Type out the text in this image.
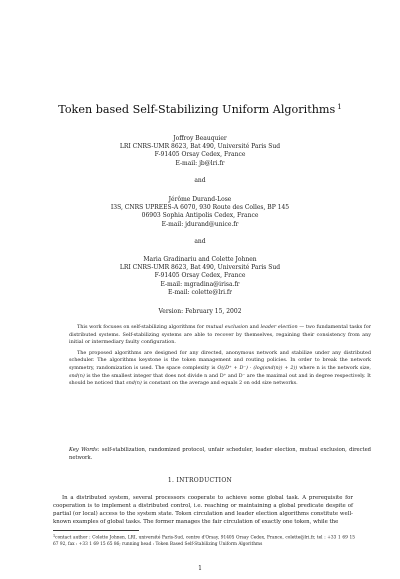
Token based Self-Stabilizing Uniform Algorithms $^1$
Joffroy Beauquier
LRI CNRS-UMR 8623, Bat 490, Université Paris Sud
F-91405 Orsay Cedex, France
E-mail: jb@lri.fr
and
Jérôme Durand-Lose
I3S, CNRS UPREES-A 6070, 930 Route des Colles, BP 145
06903 Sophia Antipolis Cedex, France
E-mail: jdurand@unice.fr
and
Maria Gradinariu and Colette Johnen
LRI CNRS-UMR 8623, Bat 490, Université Paris Sud
F-91405 Orsay Cedex, France
E-mail: mgradina@irisa.fr
E-mail: colette@lri.fr
Version: February 15, 2002

This work focuses on self-stabilizing algorithms for mutual exclusion and leader election — two fundamental tasks for distributed systems. Self-stabilizing systems are able to recover by themselves, regaining their consistency from any initial or intermediary faulty configuration.

The proposed algorithms are designed for any directed, anonymous network and stabilize under any distributed scheduler. The algorithms keystone is the token management and routing policies. In order to break the network symmetry, randomization is used. The space complexity is O((D⁺ + D⁻) · (log(snd(n)) + 2)) where n is the network size, snd(n) is the the smallest integer that does not divide n and D⁺ and D⁻ are the maximal out and in degree respectively. It should be noticed that snd(n) is constant on the average and equals 2 on odd size networks.

Key Words: self-stabilization, randomized protocol, unfair scheduler, leader election, mutual exclusion, directed network.
1. INTRODUCTION

In a distributed system, several processors cooperate to achieve some global task. A prerequisite for cooperation is to implement a distributed control, i.e. reaching or maintaining a global predicate despite of partial (or local) access to the system state. Token circulation and leader election algorithms constitute well-known examples of global tasks. The former manages the fair circulation of exactly one token, while the

$^1$contact author : Colette Johnen, LRI, université Paris-Sud, centre d'Orsay, 91405 Orsay Cedex, France, colette@lri.fr, tel : +33 1 69 15 67 92, fax : +33 1 69 15 65 86; running head : Token Based Self-Stabilizing Uniform Algorithms
1
